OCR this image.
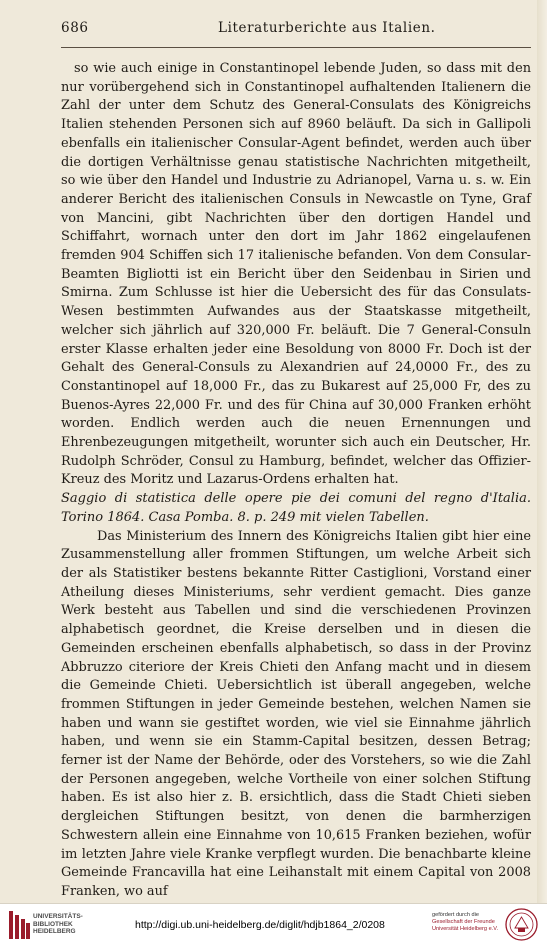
686	Literaturberichte aus Italien.

so wie auch einige in Constantinopel lebende Juden, so dass mit den nur vorübergehend sich in Constantinopel aufhaltenden Italienern die Zahl der unter dem Schutz des General-Consulats des Königreichs Italien stehenden Personen sich auf 8960 beläuft. Da sich in Gallipoli ebenfalls ein italienischer Consular-Agent befindet, werden auch über die dortigen Verhältnisse genau statistische Nachrichten mitgetheilt, so wie über den Handel und Industrie zu Adrianopel, Varna u. s. w. Ein anderer Bericht des italienischen Consuls in Newcastle on Tyne, Graf von Mancini, gibt Nachrichten über den dortigen Handel und Schiffahrt, wornach unter den dort im Jahr 1862 eingelaufenen fremden 904 Schiffen sich 17 italienische befanden. Von dem Consular-Beamten Bigliotti ist ein Bericht über den Seidenbau in Sirien und Smirna. Zum Schlusse ist hier die Uebersicht des für das Consulats-Wesen bestimmten Aufwandes aus der Staatskasse mitgetheilt, welcher sich jährlich auf 320,000 Fr. beläuft. Die 7 General-Consuln erster Klasse erhalten jeder eine Besoldung von 8000 Fr. Doch ist der Gehalt des General-Consuls zu Alexandrien auf 24,0000 Fr., des zu Constantinopel auf 18,000 Fr., das zu Bukarest auf 25,000 Fr, des zu Buenos-Ayres 22,000 Fr. und des für China auf 30,000 Franken erhöht worden. Endlich werden auch die neuen Ernennungen und Ehrenbezeugungen mitgetheilt, worunter sich auch ein Deutscher, Hr. Rudolph Schröder, Consul zu Hamburg, befindet, welcher das Offizier-Kreuz des Moritz und Lazarus-Ordens erhalten hat.

Saggio di statistica delle opere pie dei comuni del regno d'Italia. Torino 1864. Casa Pomba. 8. p. 249 mit vielen Tabellen.

Das Ministerium des Innern des Königreichs Italien gibt hier eine Zusammenstellung aller frommen Stiftungen, um welche Arbeit sich der als Statistiker bestens bekannte Ritter Castiglioni, Vorstand einer Atheilung dieses Ministeriums, sehr verdient gemacht. Dies ganze Werk besteht aus Tabellen und sind die verschiedenen Provinzen alphabetisch geordnet, die Kreise derselben und in diesen die Gemeinden erscheinen ebenfalls alphabetisch, so dass in der Provinz Abbruzzo citeriore der Kreis Chieti den Anfang macht und in diesem die Gemeinde Chieti. Uebersichtlich ist überall angegeben, welche frommen Stiftungen in jeder Gemeinde bestehen, welchen Namen sie haben und wann sie gestiftet worden, wie viel sie Einnahme jährlich haben, und wenn sie ein Stamm-Capital besitzen, dessen Betrag; ferner ist der Name der Behörde, oder des Vorstehers, so wie die Zahl der Personen angegeben, welche Vortheile von einer solchen Stiftung haben. Es ist also hier z. B. ersichtlich, dass die Stadt Chieti sieben dergleichen Stiftungen besitzt, von denen die barmherzigen Schwestern allein eine Einnahme von 10,615 Franken beziehen, wofür im letzten Jahre viele Kranke verpflegt wurden. Die benachbarte kleine Gemeinde Francavilla hat eine Leihanstalt mit einem Capital von 2008 Franken, wo auf

UNIVERSITÄTS-
BIBLIOTHEK
HEIDELBERG
http://digi.ub.uni-heidelberg.de/diglit/hdjb1864_2/0208
gefördert durch die
Gesellschaft der Freunde
Universität Heidelberg e.V.
